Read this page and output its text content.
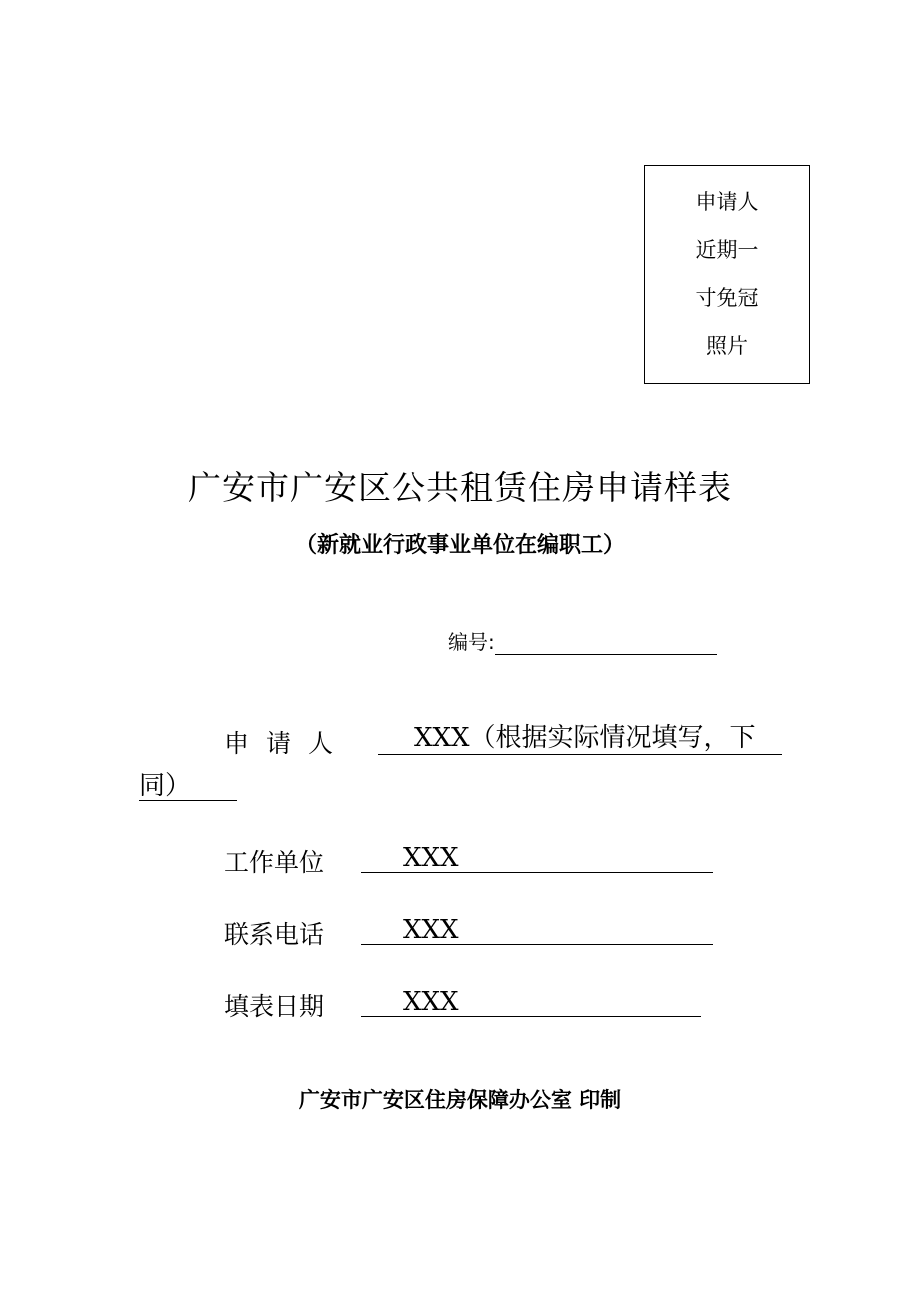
申请人
近期一
寸免冠
照片
广安市广安区公共租赁住房申请样表
（新就业行政事业单位在编职工）
编号:
申请人	XXX（根据实际情况填写，下
同）
工作单位	XXX
联系电话	XXX
填表日期	XXX
广安市广安区住房保障办公室 印制
